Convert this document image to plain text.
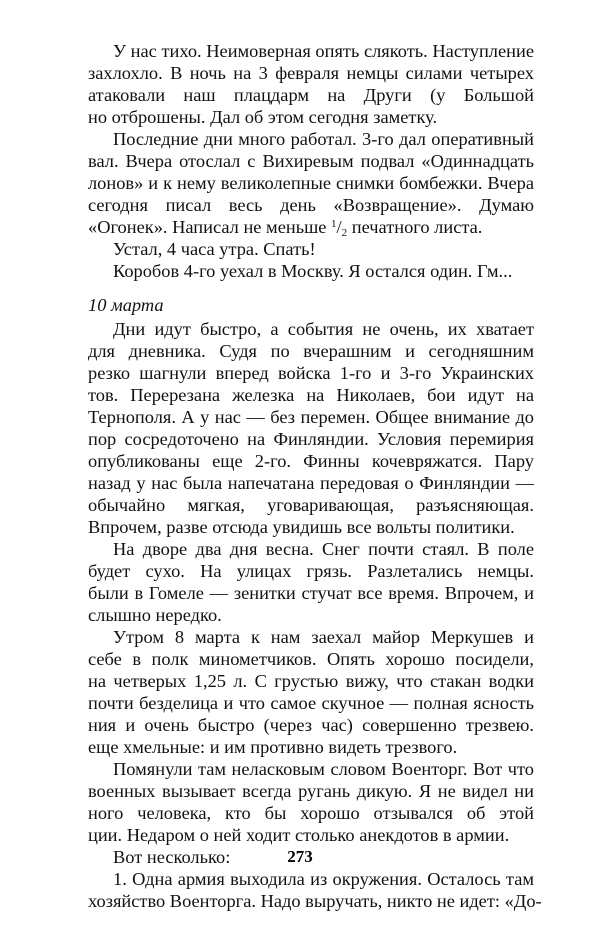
10 марта
У нас тихо. Неимоверная опять слякоть. Наступление
захлохло. В ночь на 3 февраля немцы силами четырех
атаковали наш плацдарм на Други (у Большой
но отброшены. Дал об этом сегодня заметку.
Последние дни много работал. 3-го дал оперативный
вал. Вчера отослал с Вихиревым подвал «Одиннадцать
лонов» и к нему великолепные снимки бомбежки. Вчера
сегодня писал весь день «Возвращение». Думаю
«Огонек». Написал не меньше $^1/_2$ печатного листа.
Устал, 4 часа утра. Спать!
Коробов 4-го уехал в Москву. Я остался один. Гм...
Дни идут быстро, а события не очень, их хватает
для дневника. Судя по вчерашним и сегодняшним
резко шагнули вперед войска 1-го и 3-го Украинских
тов. Перерезана железка на Николаев, бои идут на
Тернополя. А у нас — без перемен. Общее внимание до
пор сосредоточено на Финляндии. Условия перемирия
опубликованы еще 2-го. Финны кочевряжатся. Пару
назад у нас была напечатана передовая о Финляндии —
обычайно мягкая, уговаривающая, разъясняющая.
Впрочем, разве отсюда увидишь все вольты политики.
На дворе два дня весна. Снег почти стаял. В поле
будет сухо. На улицах грязь. Разлетались немцы.
были в Гомеле — зенитки стучат все время. Впрочем, и
слышно нередко.
Утром 8 марта к нам заехал майор Меркушев и
себе в полк минометчиков. Опять хорошо посидели,
на четверых 1,25 л. С грустью вижу, что стакан водки
почти безделица и что самое скучное — полная ясность
ния и очень быстро (через час) совершенно трезвею.
еще хмельные: и им противно видеть трезвого.
Помянули там неласковым словом Военторг. Вот что
военных вызывает всегда ругань дикую. Я не видел ни
ного человека, кто бы хорошо отзывался об этой
ции. Недаром о ней ходит столько анекдотов в армии.
Вот несколько:
1. Одна армия выходила из окружения. Осталось там
хозяйство Военторга. Надо выручать, никто не идет: «До-
273
